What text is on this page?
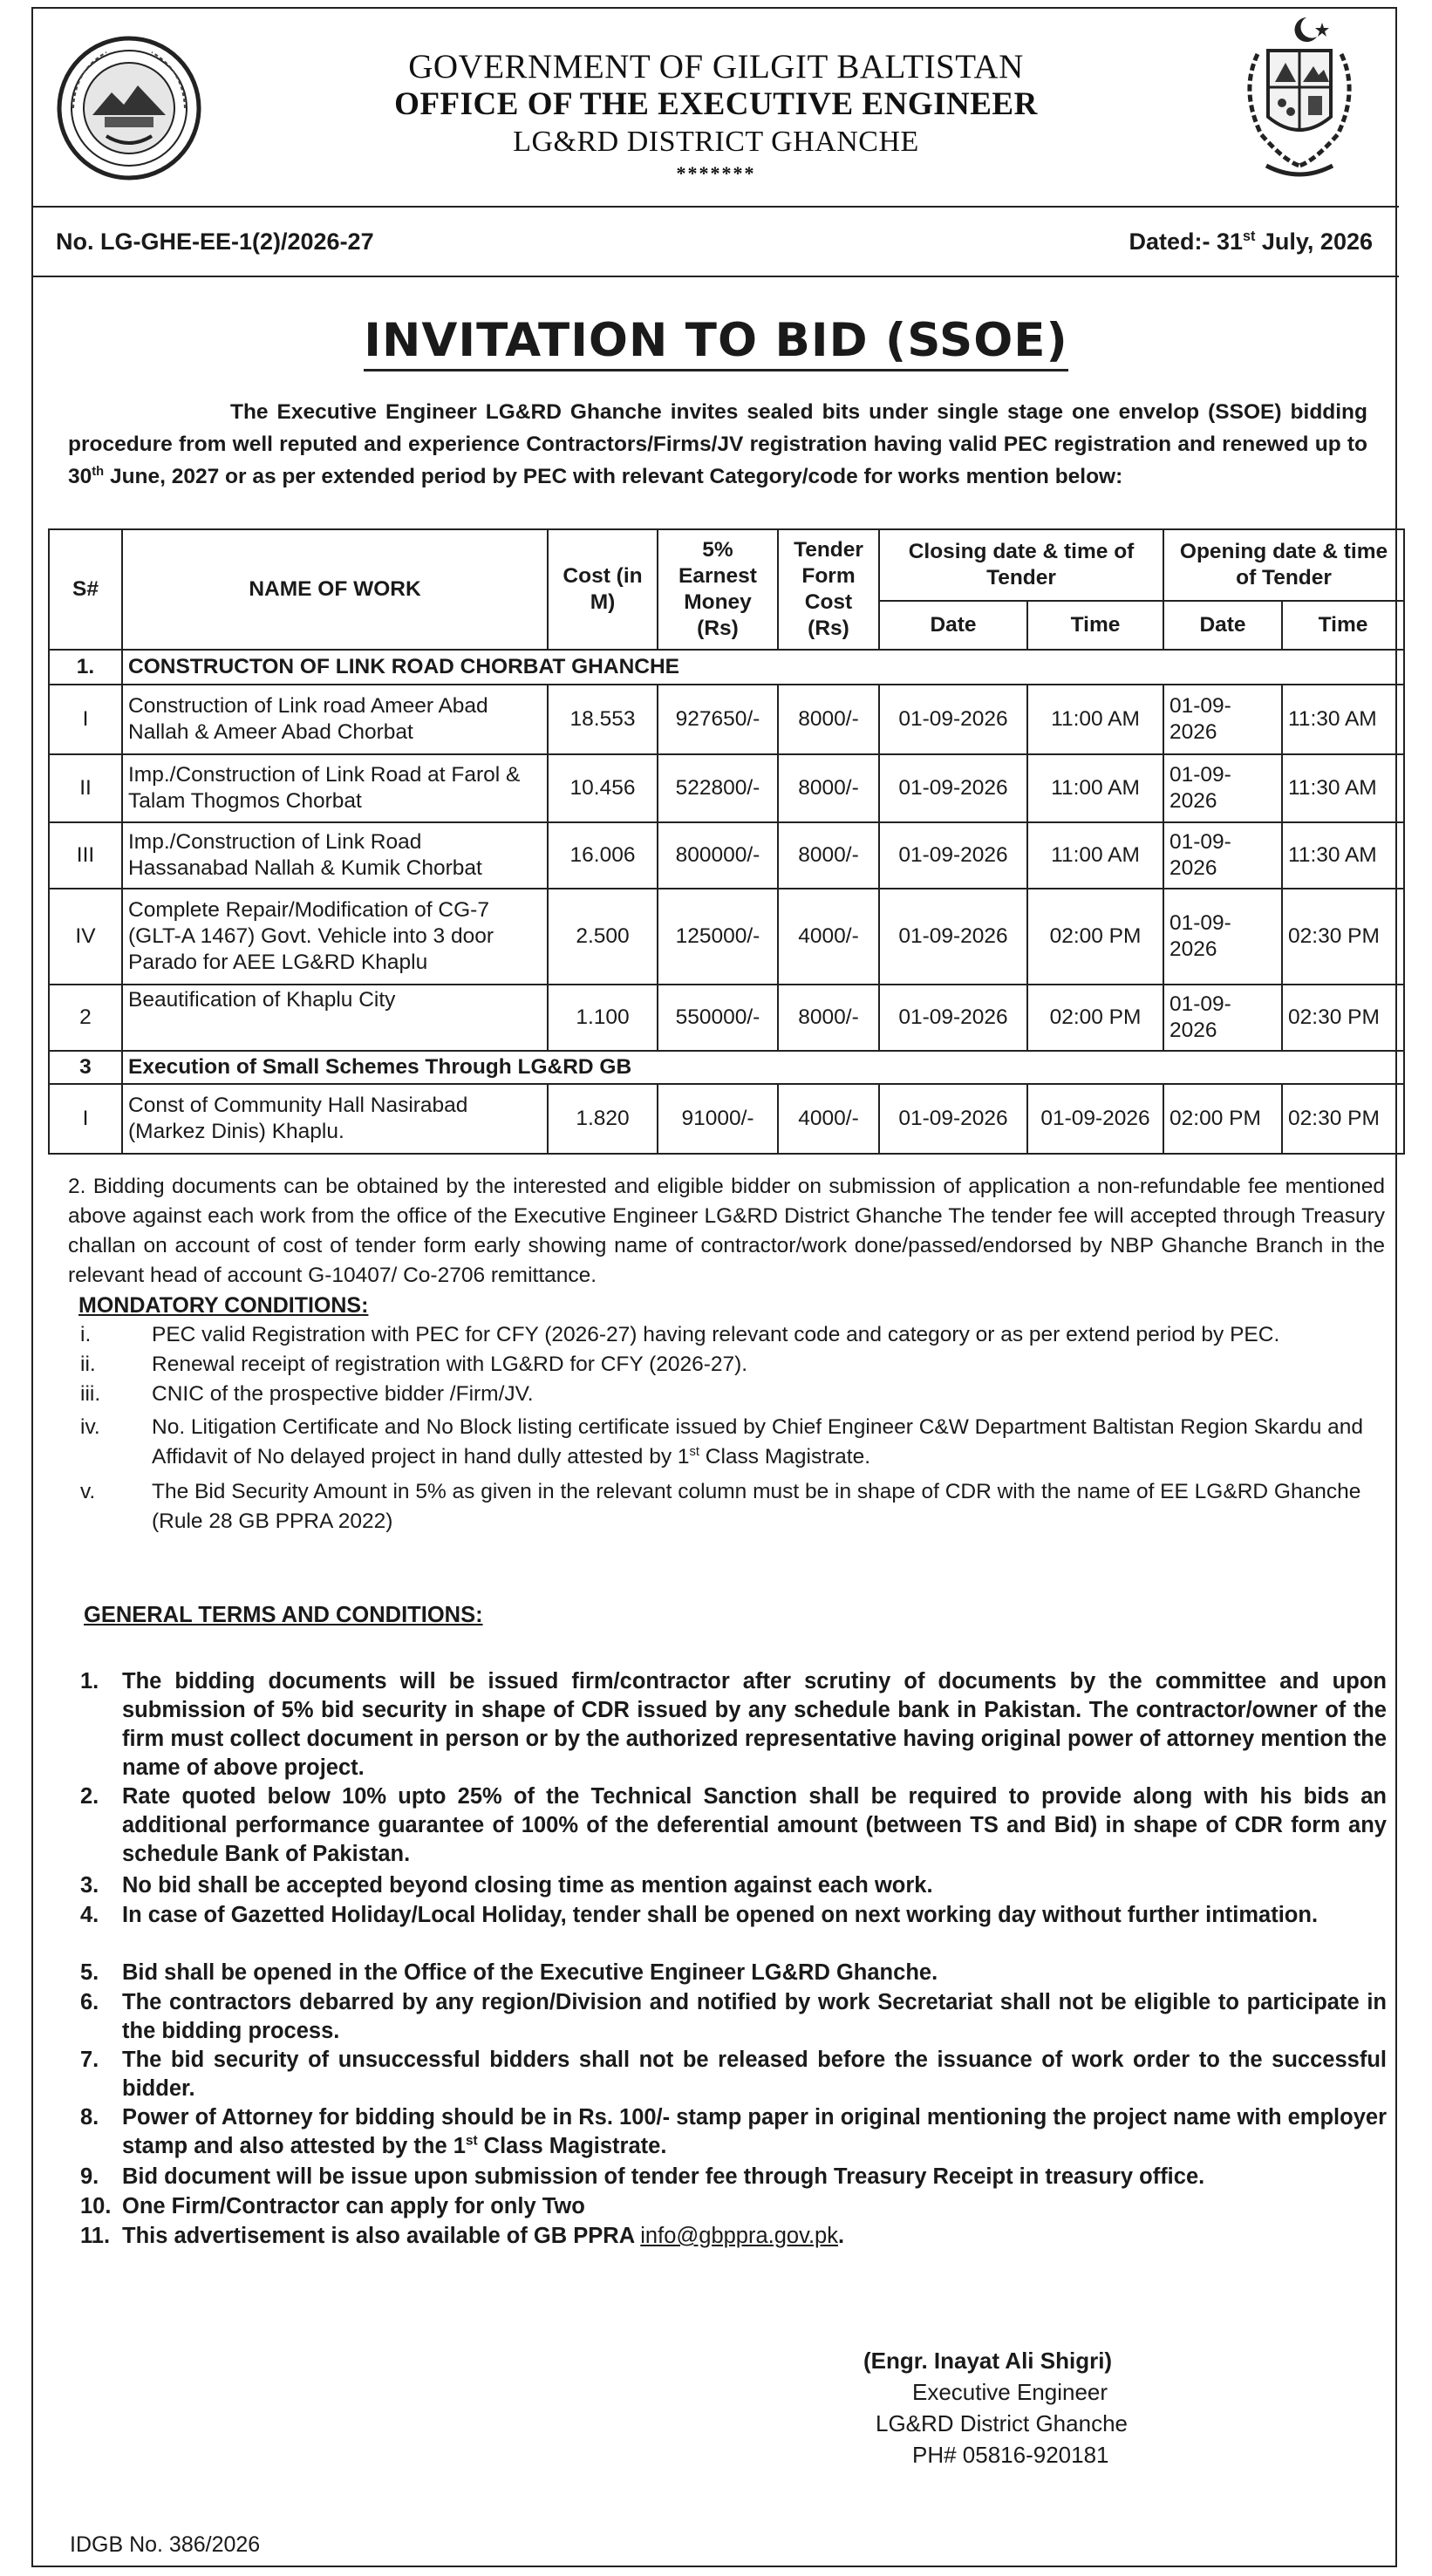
GOVERNMENT OF GILGIT BALTISTAN
OFFICE OF THE EXECUTIVE ENGINEER
LG&RD DISTRICT GHANCHE
*******
No. LG-GHE-EE-1(2)/2026-27	Dated:- 31st July, 2026
INVITATION TO BID (SSOE)
The Executive Engineer LG&RD Ghanche invites sealed bits under single stage one envelop (SSOE) bidding procedure from well reputed and experience Contractors/Firms/JV registration having valid PEC registration and renewed up to 30th June, 2027 or as per extended period by PEC with relevant Category/code for works mention below:
S#	NAME OF WORK	Cost (in M)	5% Earnest Money (Rs)	Tender Form Cost (Rs)	Closing date & time of Tender		Opening date & time of Tender	
					Date	Time	Date	Time
1.	CONSTRUCTON OF LINK ROAD CHORBAT GHANCHE							
I	Construction of Link road Ameer Abad Nallah & Ameer Abad Chorbat	18.553	927650/-	8000/-	01-09-2026	11:00 AM	01-09-2026	11:30 AM
II	Imp./Construction of Link Road at Farol & Talam Thogmos Chorbat	10.456	522800/-	8000/-	01-09-2026	11:00 AM	01-09-2026	11:30 AM
III	Imp./Construction of Link Road Hassanabad Nallah & Kumik Chorbat	16.006	800000/-	8000/-	01-09-2026	11:00 AM	01-09-2026	11:30 AM
IV	Complete Repair/Modification of CG-7 (GLT-A 1467) Govt. Vehicle into 3 door Parado for AEE LG&RD Khaplu	2.500	125000/-	4000/-	01-09-2026	02:00 PM	01-09-2026	02:30 PM
2	Beautification of Khaplu City	1.100	550000/-	8000/-	01-09-2026	02:00 PM	01-09-2026	02:30 PM
3	Execution of Small Schemes Through LG&RD GB							
I	Const of Community Hall Nasirabad (Markez Dinis) Khaplu.	1.820	91000/-	4000/-	01-09-2026	01-09-2026	02:00 PM	02:30 PM
2. Bidding documents can be obtained by the interested and eligible bidder on submission of application a non-refundable fee mentioned above against each work from the office of the Executive Engineer LG&RD District Ghanche The tender fee will accepted through Treasury challan on account of cost of tender form early showing name of contractor/work done/passed/endorsed by NBP Ghanche Branch in the relevant head of account G-10407/ Co-2706 remittance.
MONDATORY CONDITIONS:
i.	PEC valid Registration with PEC for CFY (2026-27) having relevant code and category or as per extend period by PEC.
ii.	Renewal receipt of registration with LG&RD for CFY (2026-27).
iii. CNIC of the prospective bidder /Firm/JV.
iv. No. Litigation Certificate and No Block listing certificate issued by Chief Engineer C&W Department Baltistan Region Skardu and Affidavit of No delayed project in hand dully attested by 1st Class Magistrate.
v.	The Bid Security Amount in 5% as given in the relevant column must be in shape of CDR with the name of EE LG&RD Ghanche (Rule 28 GB PPRA 2022)
GENERAL TERMS AND CONDITIONS:
1. The bidding documents will be issued firm/contractor after scrutiny of documents by the committee and upon submission of 5% bid security in shape of CDR issued by any schedule bank in Pakistan. The contractor/owner of the firm must collect document in person or by the authorized representative having original power of attorney mention the name of above project.
2. Rate quoted below 10% upto 25% of the Technical Sanction shall be required to provide along with his bids an additional performance guarantee of 100% of the deferential amount (between TS and Bid) in shape of CDR form any schedule Bank of Pakistan.
3. No bid shall be accepted beyond closing time as mention against each work.
4. In case of Gazetted Holiday/Local Holiday, tender shall be opened on next working day without further intimation.
5. Bid shall be opened in the Office of the Executive Engineer LG&RD Ghanche.
6. The contractors debarred by any region/Division and notified by work Secretariat shall not be eligible to participate in the bidding process.
7. The bid security of unsuccessful bidders shall not be released before the issuance of work order to the successful bidder.
8. Power of Attorney for bidding should be in Rs. 100/- stamp paper in original mentioning the project name with employer stamp and also attested by the 1st Class Magistrate.
9. Bid document will be issue upon submission of tender fee through Treasury Receipt in treasury office.
10. One Firm/Contractor can apply for only Two
11. This advertisement is also available of GB PPRA info@gbppra.gov.pk.
(Engr. Inayat Ali Shigri)
Executive Engineer
LG&RD District Ghanche
PH# 05816-920181
IDGB No. 386/2026
